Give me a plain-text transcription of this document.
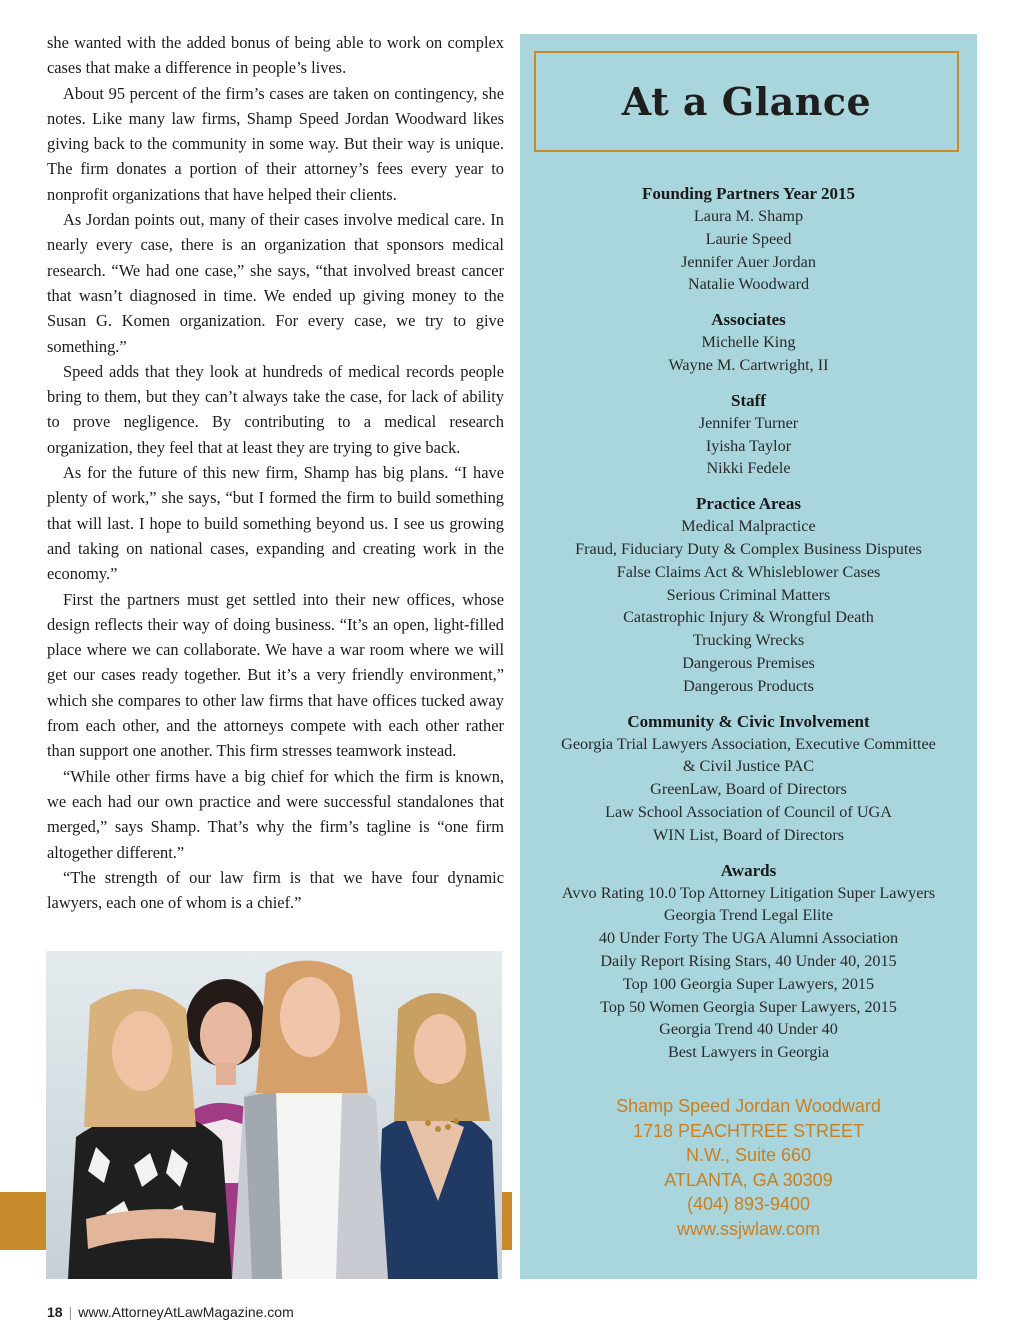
she wanted with the added bonus of being able to work on complex cases that make a difference in people’s lives.

About 95 percent of the firm’s cases are taken on contingency, she notes. Like many law firms, Shamp Speed Jordan Woodward likes giving back to the community in some way. But their way is unique. The firm donates a portion of their attorney’s fees every year to nonprofit organizations that have helped their clients.

As Jordan points out, many of their cases involve medical care. In nearly every case, there is an organization that sponsors medical research. “We had one case,” she says, “that involved breast cancer that wasn’t diagnosed in time. We ended up giving money to the Susan G. Komen organization. For every case, we try to give something.”

Speed adds that they look at hundreds of medical records people bring to them, but they can’t always take the case, for lack of ability to prove negligence. By contributing to a medical research organization, they feel that at least they are trying to give back.

As for the future of this new firm, Shamp has big plans. “I have plenty of work,” she says, “but I formed the firm to build something that will last. I hope to build something beyond us. I see us growing and taking on national cases, expanding and creating work in the economy.”

First the partners must get settled into their new offices, whose design reflects their way of doing business. “It’s an open, light-filled place where we can collaborate. We have a war room where we will get our cases ready together. But it’s a very friendly environment,” which she compares to other law firms that have offices tucked away from each other, and the attorneys compete with each other rather than support one another. This firm stresses teamwork instead.

“While other firms have a big chief for which the firm is known, we each had our own practice and were successful standalones that merged,” says Shamp. That’s why the firm’s tagline is “one firm altogether different.”

“The strength of our law firm is that we have four dynamic lawyers, each one of whom is a chief.”

At a Glance
Founding Partners Year 2015
Laura M. Shamp
Laurie Speed
Jennifer Auer Jordan
Natalie Woodward
Associates
Michelle King
Wayne M. Cartwright, II
Staff
Jennifer Turner
Iyisha Taylor
Nikki Fedele
Practice Areas
Medical Malpractice
Fraud, Fiduciary Duty & Complex Business Disputes
False Claims Act & Whisleblower Cases
Serious Criminal Matters
Catastrophic Injury & Wrongful Death
Trucking Wrecks
Dangerous Premises
Dangerous Products
Community & Civic Involvement
Georgia Trial Lawyers Association, Executive Committee
& Civil Justice PAC
GreenLaw, Board of Directors
Law School Association of Council of UGA
WIN List, Board of Directors
Awards
Avvo Rating 10.0 Top Attorney Litigation Super Lawyers
Georgia Trend Legal Elite
40 Under Forty The UGA Alumni Association
Daily Report Rising Stars, 40 Under 40, 2015
Top 100 Georgia Super Lawyers, 2015
Top 50 Women Georgia Super Lawyers, 2015
Georgia Trend 40 Under 40
Best Lawyers in Georgia
Shamp Speed Jordan Woodward
1718 PEACHTREE STREET
N.W., Suite 660
ATLANTA, GA 30309
(404) 893-9400
www.ssjwlaw.com
18 | www.AttorneyAtLawMagazine.com
